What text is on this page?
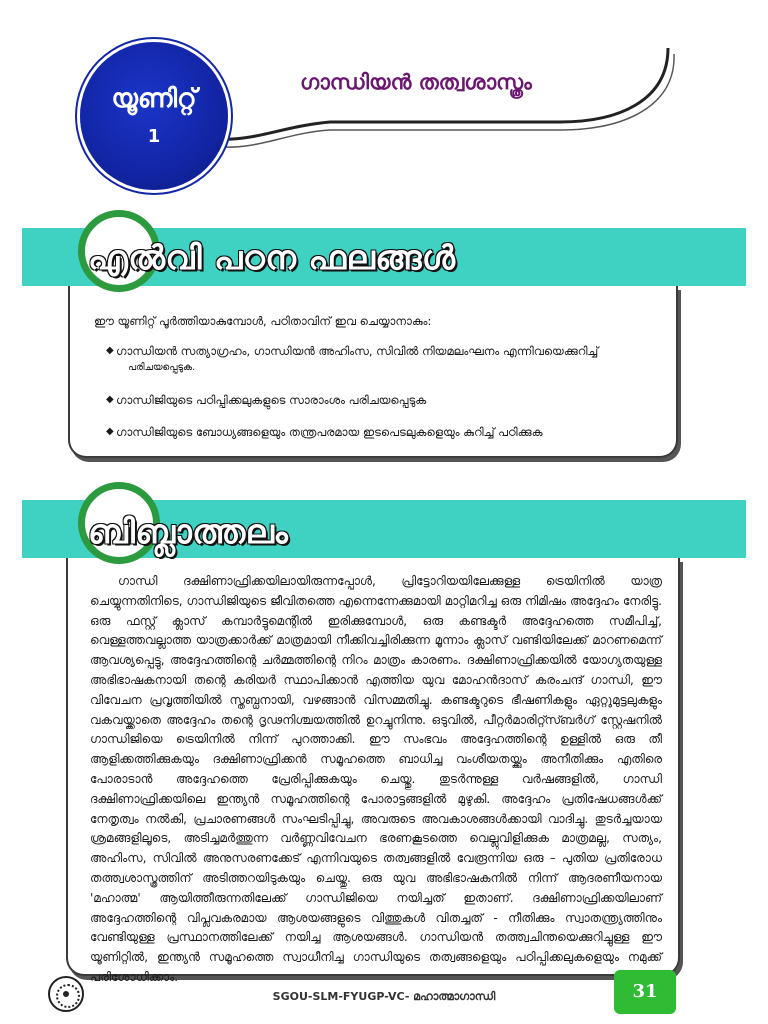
യൂണിറ്റ്
1
ഗാന്ധിയൻ തത്വശാസ്ത്രം
ഈ യൂണിറ്റ് പൂർത്തിയാകുമ്പോൾ, പഠിതാവിന് ഇവ ചെയ്യാനാകും:
◆ ഗാന്ധിയൻ സത്യാഗ്രഹം, ഗാന്ധിയൻ അഹിംസ, സിവിൽ നിയമലംഘനം എന്നിവയെക്കുറിച്ച്
പരിചയപ്പെടുക.
◆ ഗാന്ധിജിയുടെ പഠിപ്പിക്കലുകളുടെ സാരാംശം പരിചയപ്പെടുക
◆ ഗാന്ധിജിയുടെ ബോധ്യങ്ങളെയും തന്ത്രപരമായ ഇടപെടലുകളെയും കുറിച്ച് പഠിക്കുക
എൽവി പഠന ഫലങ്ങൾ

ഗാന്ധി ദക്ഷിണാഫ്രിക്കയിലായിരുന്നപ്പോൾ, പ്രിട്ടോറിയയിലേക്കുള്ള ട്രെയിനിൽ യാത്ര ചെയ്യുന്നതിനിടെ, ഗാന്ധിജിയുടെ ജീവിതത്തെ എന്നെന്നേക്കുമായി മാറ്റിമറിച്ച ഒരു നിമിഷം അദ്ദേഹം നേരിട്ടു. ഒരു ഫസ്റ്റ് ക്ലാസ് കമ്പാർട്ടുമെന്റിൽ ഇരിക്കുമ്പോൾ, ഒരു കണ്ടക്ടർ അദ്ദേഹത്തെ സമീപിച്ച്, വെള്ളത്തവല്ലാത്ത യാത്രക്കാർക്ക് മാത്രമായി നീക്കിവച്ചിരിക്കുന്ന മൂന്നാം ക്ലാസ് വണ്ടിയിലേക്ക് മാറണമെന്ന് ആവശ്യപ്പെട്ടു, അദ്ദേഹത്തിന്റെ ചർമ്മത്തിന്റെ നിറം മാത്രം കാരണം. ദക്ഷിണാഫ്രിക്കയിൽ യോഗ്യതയുള്ള അഭിഭാഷകനായി തന്റെ കരിയർ സ്ഥാപിക്കാൻ എത്തിയ യുവ മോഹൻദാസ് കരംചന്ദ് ഗാന്ധി, ഈ വിവേചന പ്രവൃത്തിയിൽ സ്തബ്ധനായി, വഴങ്ങാൻ വിസമ്മതിച്ചു. കണ്ടക്ടറുടെ ഭീഷണികളും ഏറ്റുമുട്ടലുകളും വകവയ്ക്കാതെ അദ്ദേഹം തന്റെ ദൃഢനിശ്ചയത്തിൽ ഉറച്ചുനിന്നു. ഒടുവിൽ, പീറ്റർമാരിറ്റ്സ്ബർഗ് സ്റ്റേഷനിൽ ഗാന്ധിജിയെ ട്രെയിനിൽ നിന്ന് പുറത്താക്കി. ഈ സംഭവം അദ്ദേഹത്തിന്റെ ഉള്ളിൽ ഒരു തീ ആളിക്കത്തിക്കുകയും ദക്ഷിണാഫ്രിക്കൻ സമൂഹത്തെ ബാധിച്ച വംശീയതയ്ക്കും അനീതിക്കും എതിരെ പോരാടാൻ അദ്ദേഹത്തെ പ്രേരിപ്പിക്കുകയും ചെയ്തു. തുടർന്നുള്ള വർഷങ്ങളിൽ, ഗാന്ധി ദക്ഷിണാഫ്രിക്കയിലെ ഇന്ത്യൻ സമൂഹത്തിന്റെ പോരാട്ടങ്ങളിൽ മുഴുകി. അദ്ദേഹം പ്രതിഷേധങ്ങൾക്ക് നേതൃത്വം നൽകി, പ്രചാരണങ്ങൾ സംഘടിപ്പിച്ചു, അവരുടെ അവകാശങ്ങൾക്കായി വാദിച്ചു. തുടർച്ചയായ ശ്രമങ്ങളിലൂടെ, അടിച്ചമർത്തുന്ന വർണ്ണവിവേചന ഭരണകൂടത്തെ വെല്ലുവിളിക്കുക മാത്രമല്ല, സത്യം, അഹിംസ, സിവിൽ അനുസരണക്കേട് എന്നിവയുടെ തത്വങ്ങളിൽ വേരൂന്നിയ ഒരു – പുതിയ പ്രതിരോധ തത്ത്വശാസ്ത്രത്തിന് അടിത്തറയിടുകയും ചെയ്തു. ഒരു യുവ അഭിഭാഷകനിൽ നിന്ന് ആദരണീയനായ 'മഹാത്മ' ആയിത്തീരുന്നതിലേക്ക് ഗാന്ധിജിയെ നയിച്ചത് ഇതാണ്. ദക്ഷിണാഫ്രിക്കയിലാണ് അദ്ദേഹത്തിന്റെ വിപ്ലവകരമായ ആശയങ്ങളുടെ വിത്തുകൾ വിതച്ചത് - നീതിക്കും സ്വാതന്ത്ര്യത്തിനും വേണ്ടിയുള്ള പ്രസ്ഥാനത്തിലേക്ക് നയിച്ച ആശയങ്ങൾ. ഗാന്ധിയൻ തത്ത്വചിന്തയെക്കുറിച്ചുള്ള ഈ യൂണിറ്റിൽ, ഇന്ത്യൻ സമൂഹത്തെ സ്വാധീനിച്ച ഗാന്ധിയുടെ തത്വങ്ങളെയും പഠിപ്പിക്കലുകളെയും നമുക്ക് പരിശോധിക്കാം.

ബിബ്ലാത്തലം
SGOU-SLM-FYUGP-VC- മഹാത്മാഗാന്ധി	31
